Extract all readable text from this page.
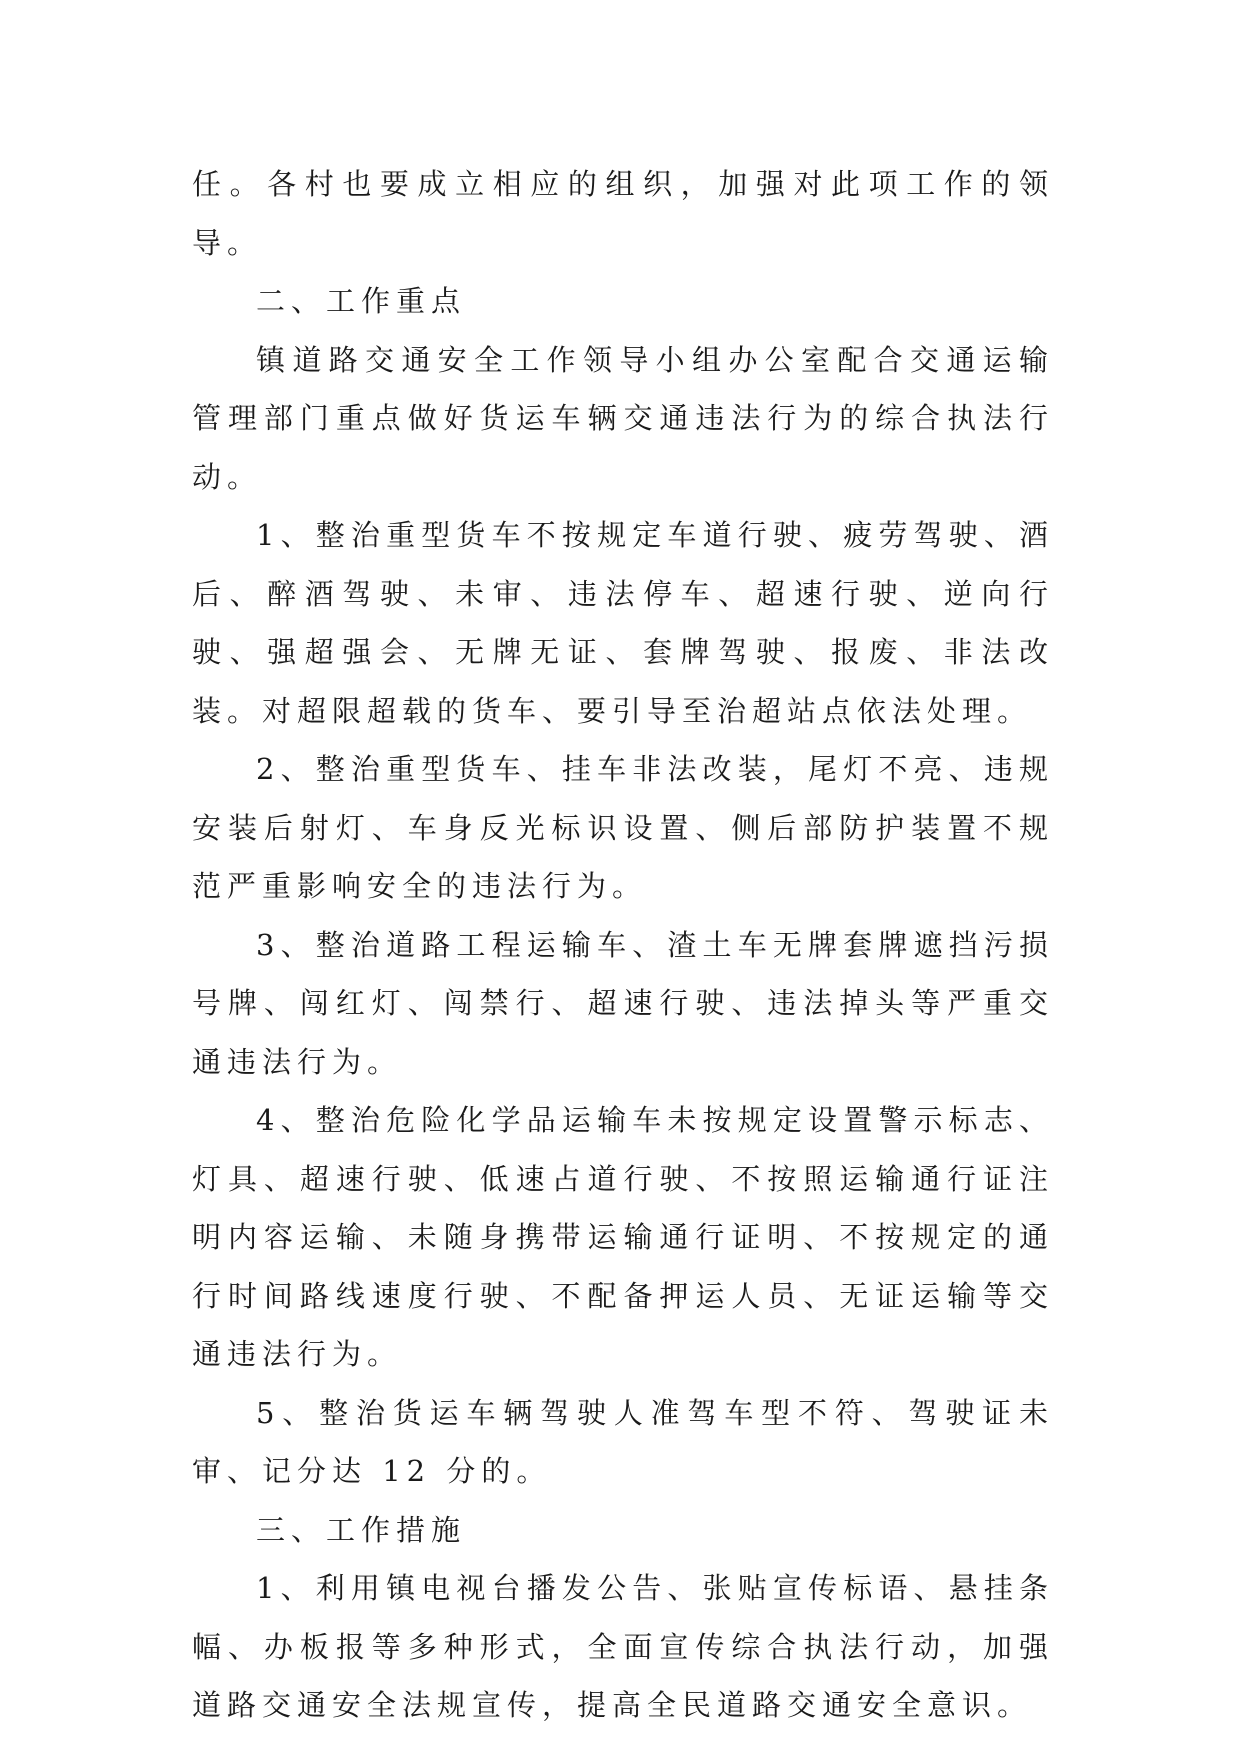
任。各村也要成立相应的组织，加强对此项工作的领导。

二、工作重点

镇道路交通安全工作领导小组办公室配合交通运输管理部门重点做好货运车辆交通违法行为的综合执法行动。

1、整治重型货车不按规定车道行驶、疲劳驾驶、酒后、醉酒驾驶、未审、违法停车、超速行驶、逆向行驶、强超强会、无牌无证、套牌驾驶、报废、非法改装。对超限超载的货车、要引导至治超站点依法处理。

2、整治重型货车、挂车非法改装，尾灯不亮、违规安装后射灯、车身反光标识设置、侧后部防护装置不规范严重影响安全的违法行为。

3、整治道路工程运输车、渣土车无牌套牌遮挡污损号牌、闯红灯、闯禁行、超速行驶、违法掉头等严重交通违法行为。

4、整治危险化学品运输车未按规定设置警示标志、灯具、超速行驶、低速占道行驶、不按照运输通行证注明内容运输、未随身携带运输通行证明、不按规定的通行时间路线速度行驶、不配备押运人员、无证运输等交通违法行为。

5、整治货运车辆驾驶人准驾车型不符、驾驶证未审、记分达 12 分的。

三、工作措施

1、利用镇电视台播发公告、张贴宣传标语、悬挂条幅、办板报等多种形式，全面宣传综合执法行动，加强道路交通安全法规宣传，提高全民道路交通安全意识。
